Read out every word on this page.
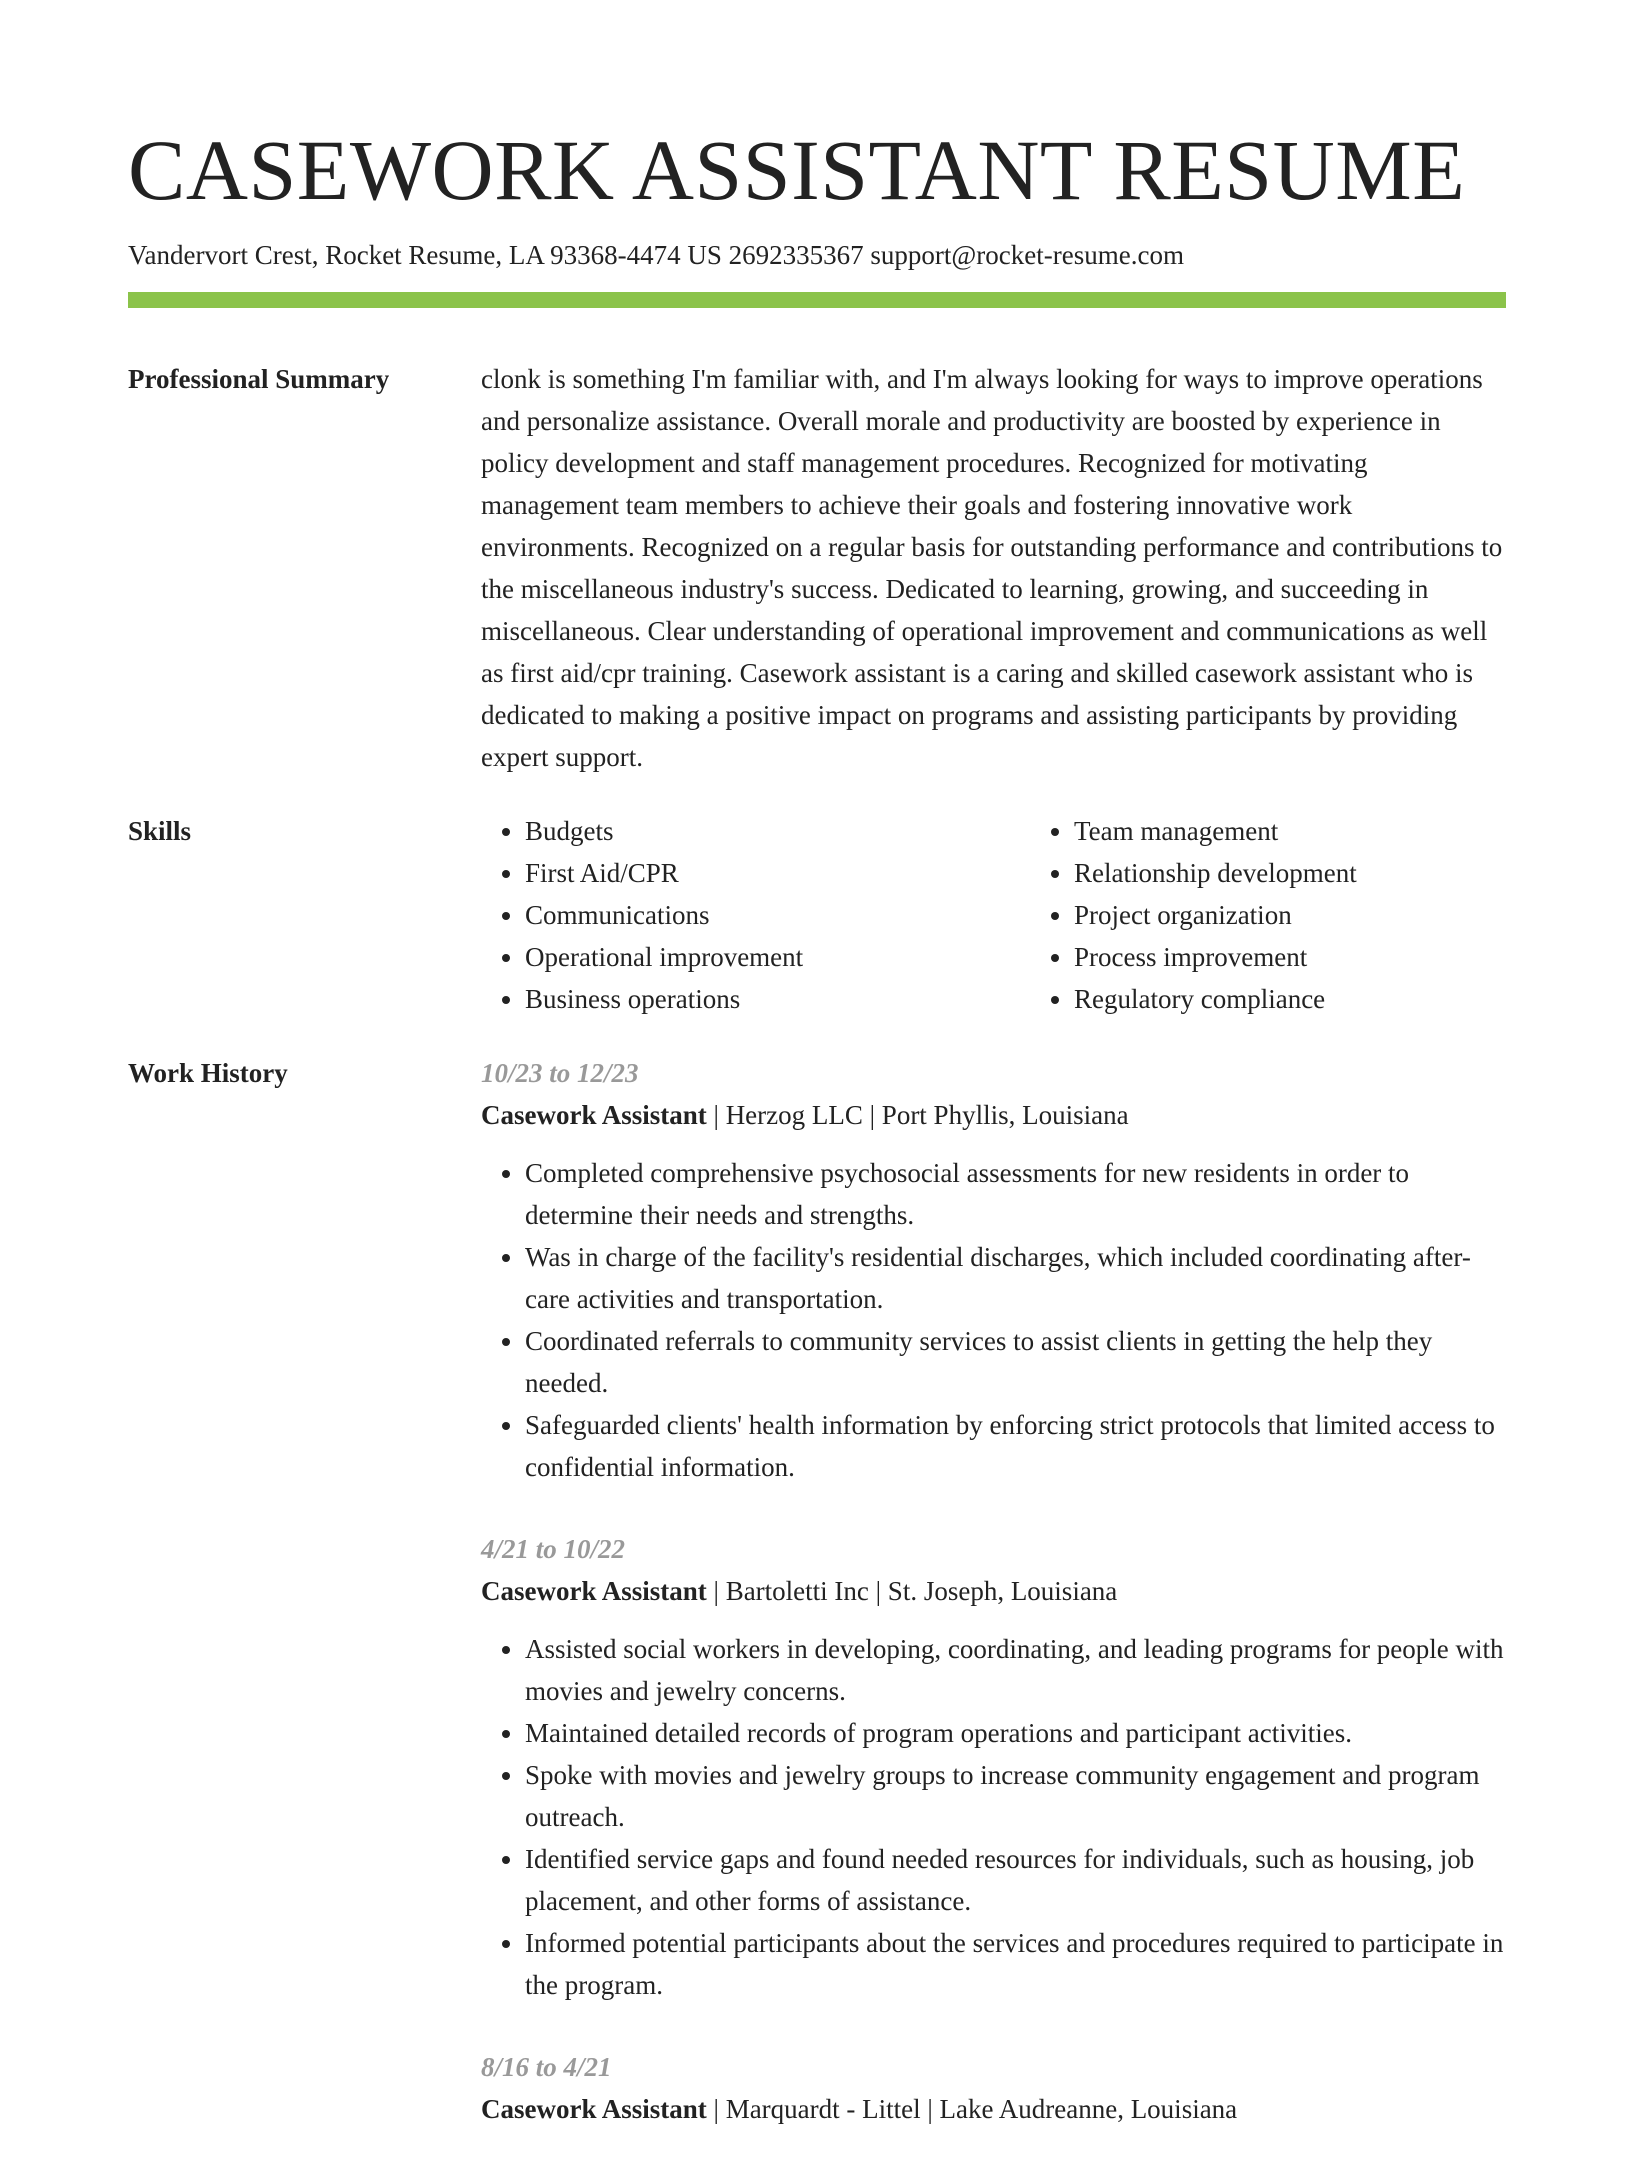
CASEWORK ASSISTANT RESUME
Vandervort Crest, Rocket Resume, LA 93368-4474 US 2692335367 support@rocket-resume.com
Professional Summary	clonk is something I'm familiar with, and I'm always looking for ways to improve operations and personalize assistance. Overall morale and productivity are boosted by experience in policy development and staff management procedures. Recognized for motivating management team members to achieve their goals and fostering innovative work environments. Recognized on a regular basis for outstanding performance and contributions to the miscellaneous industry's success. Dedicated to learning, growing, and succeeding in miscellaneous. Clear understanding of operational improvement and communications as well as first aid/cpr training. Casework assistant is a caring and skilled casework assistant who is dedicated to making a positive impact on programs and assisting participants by providing expert support.

Skills
•	Budgets
• First Aid/CPR
• Communications
• Operational improvement
• Business operations
• Team management
• Relationship development
• Project organization
• Process improvement
• Regulatory compliance
Work History	10/23 to 12/23
Casework Assistant | Herzog LLC | Port Phyllis, Louisiana
• Completed comprehensive psychosocial assessments for new residents in order to determine their needs and strengths.
• Was in charge of the facility's residential discharges, which included coordinating after-care activities and transportation.
• Coordinated referrals to community services to assist clients in getting the help they needed.
• Safeguarded clients' health information by enforcing strict protocols that limited access to confidential information.
4/21 to 10/22
Casework Assistant | Bartoletti Inc | St. Joseph, Louisiana
• Assisted social workers in developing, coordinating, and leading programs for people with movies and jewelry concerns.
• Maintained detailed records of program operations and participant activities.
• Spoke with movies and jewelry groups to increase community engagement and program outreach.
• Identified service gaps and found needed resources for individuals, such as housing, job placement, and other forms of assistance.
• Informed potential participants about the services and procedures required to participate in the program.
8/16 to 4/21
Casework Assistant | Marquardt - Littel | Lake Audreanne, Louisiana
